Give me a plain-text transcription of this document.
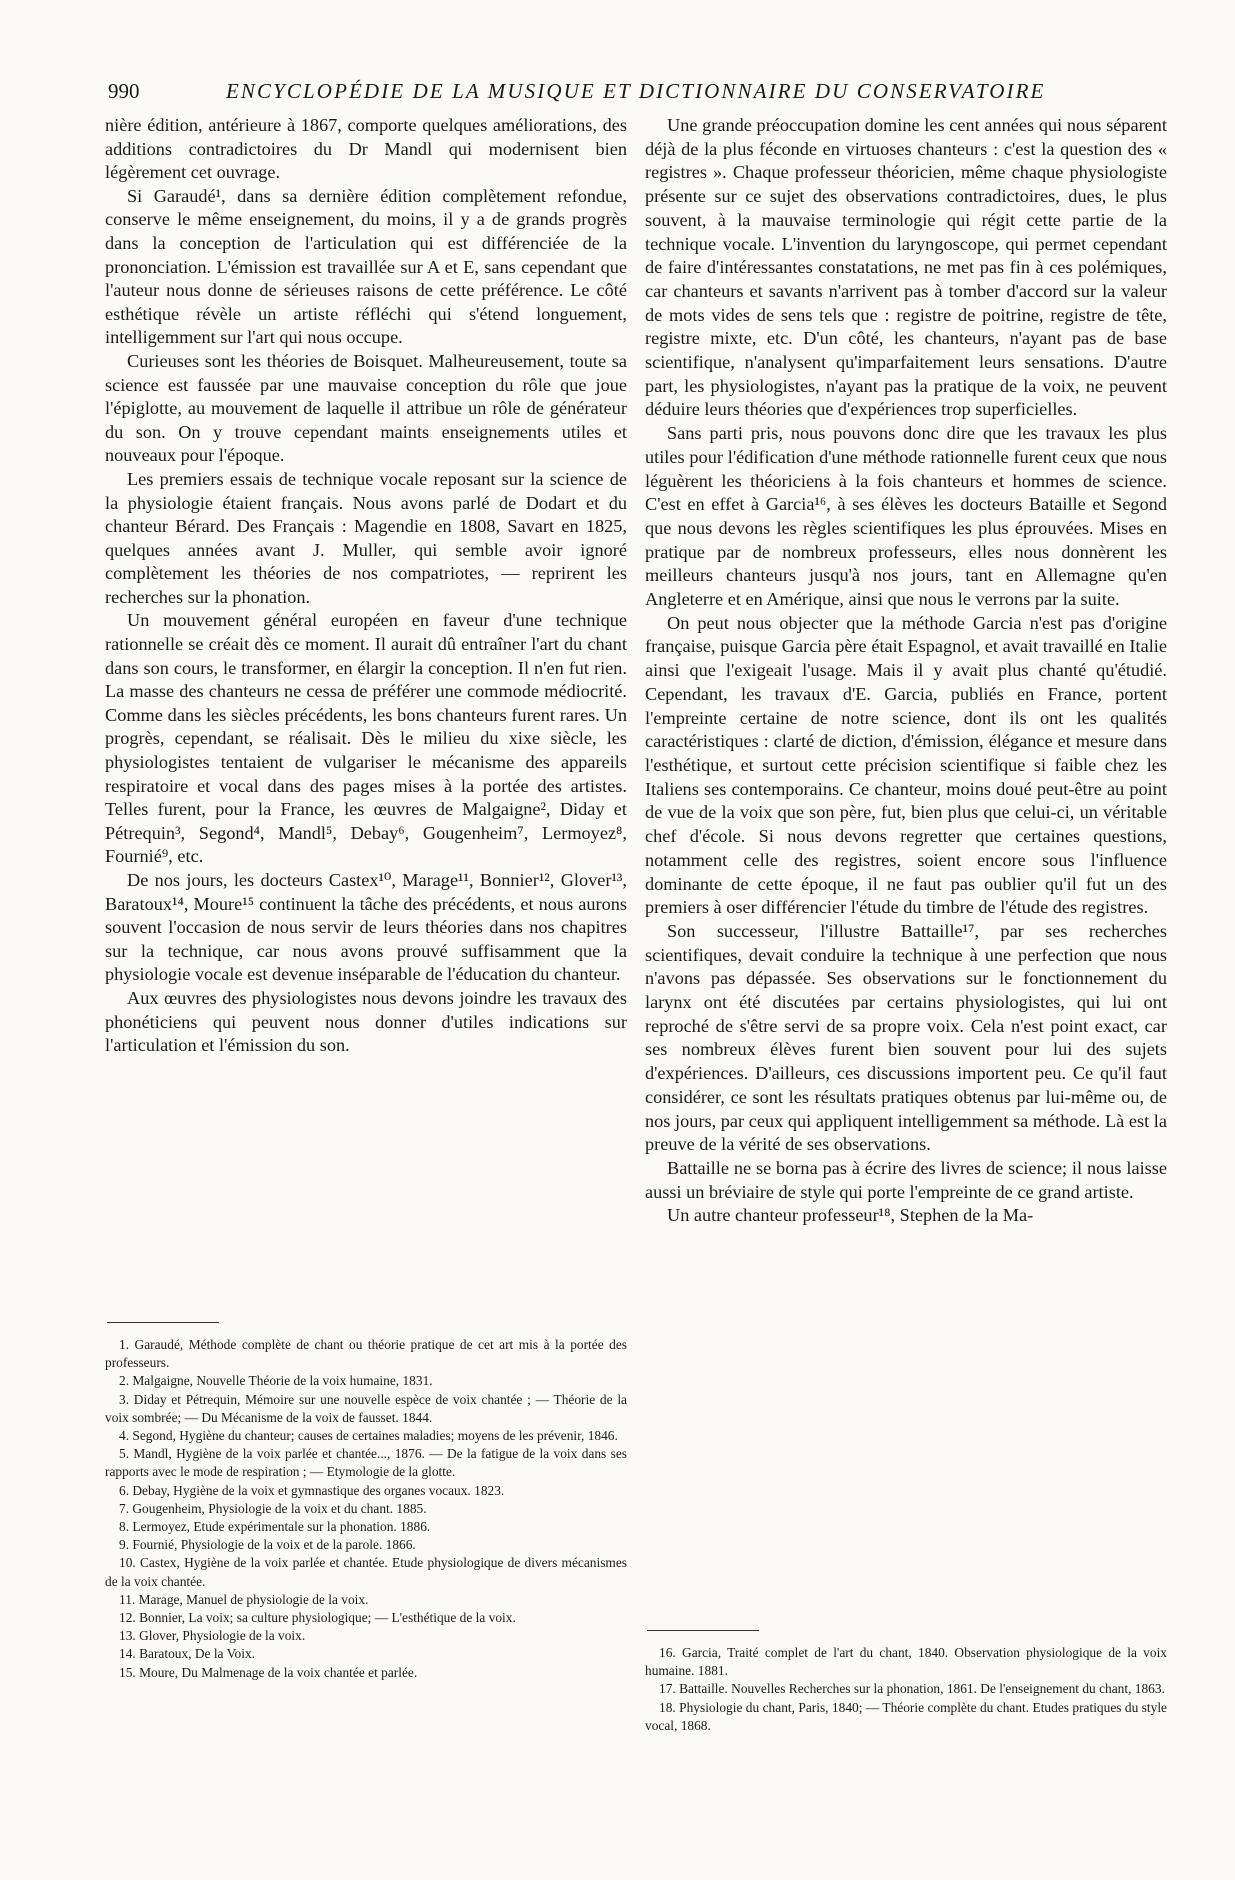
990	ENCYCLOPÉDIE DE LA MUSIQUE ET DICTIONNAIRE DU CONSERVATOIRE

nière édition, antérieure à 1867, comporte quelques améliorations, des additions contradictoires du Dr Mandl qui modernisent bien légèrement cet ouvrage.

Si Garaudé¹, dans sa dernière édition complètement refondue, conserve le même enseignement, du moins, il y a de grands progrès dans la conception de l'articulation qui est différenciée de la prononciation. L'émission est travaillée sur A et E, sans cependant que l'auteur nous donne de sérieuses raisons de cette préférence. Le côté esthétique révèle un artiste réfléchi qui s'étend longuement, intelligemment sur l'art qui nous occupe.

Curieuses sont les théories de Boisquet. Malheureusement, toute sa science est faussée par une mauvaise conception du rôle que joue l'épiglotte, au mouvement de laquelle il attribue un rôle de générateur du son. On y trouve cependant maints enseignements utiles et nouveaux pour l'époque.

Les premiers essais de technique vocale reposant sur la science de la physiologie étaient français. Nous avons parlé de Dodart et du chanteur Bérard. Des Français : Magendie en 1808, Savart en 1825, quelques années avant J. Muller, qui semble avoir ignoré complètement les théories de nos compatriotes, — reprirent les recherches sur la phonation.

Un mouvement général européen en faveur d'une technique rationnelle se créait dès ce moment. Il aurait dû entraîner l'art du chant dans son cours, le transformer, en élargir la conception. Il n'en fut rien. La masse des chanteurs ne cessa de préférer une commode médiocrité. Comme dans les siècles précédents, les bons chanteurs furent rares. Un progrès, cependant, se réalisait. Dès le milieu du xixe siècle, les physiologistes tentaient de vulgariser le mécanisme des appareils respiratoire et vocal dans des pages mises à la portée des artistes. Telles furent, pour la France, les œuvres de Malgaigne², Diday et Pétrequin³, Segond⁴, Mandl⁵, Debay⁶, Gougenheim⁷, Lermoyez⁸, Fournié⁹, etc.

De nos jours, les docteurs Castex¹⁰, Marage¹¹, Bonnier¹², Glover¹³, Baratoux¹⁴, Moure¹⁵ continuent la tâche des précédents, et nous aurons souvent l'occasion de nous servir de leurs théories dans nos chapitres sur la technique, car nous avons prouvé suffisamment que la physiologie vocale est devenue inséparable de l'éducation du chanteur.

Aux œuvres des physiologistes nous devons joindre les travaux des phonéticiens qui peuvent nous donner d'utiles indications sur l'articulation et l'émission du son.

1. Garaudé, Méthode complète de chant ou théorie pratique de cet art mis à la portée des professeurs.

2. Malgaigne, Nouvelle Théorie de la voix humaine, 1831.

3. Diday et Pétrequin, Mémoire sur une nouvelle espèce de voix chantée ; — Théorie de la voix sombrée; — Du Mécanisme de la voix de fausset. 1844.

4. Segond, Hygiène du chanteur; causes de certaines maladies; moyens de les prévenir, 1846.

5. Mandl, Hygiène de la voix parlée et chantée..., 1876. — De la fatigue de la voix dans ses rapports avec le mode de respiration ; — Etymologie de la glotte.

6. Debay, Hygiène de la voix et gymnastique des organes vocaux. 1823.

7. Gougenheim, Physiologie de la voix et du chant. 1885.

8. Lermoyez, Etude expérimentale sur la phonation. 1886.

9. Fournié, Physiologie de la voix et de la parole. 1866.

10. Castex, Hygiène de la voix parlée et chantée. Etude physiologique de divers mécanismes de la voix chantée.

11. Marage, Manuel de physiologie de la voix.

12. Bonnier, La voix; sa culture physiologique; — L'esthétique de la voix.

13. Glover, Physiologie de la voix.

14. Baratoux, De la Voix.

15. Moure, Du Malmenage de la voix chantée et parlée.

Une grande préoccupation domine les cent années qui nous séparent déjà de la plus féconde en virtuoses chanteurs : c'est la question des « registres ». Chaque professeur théoricien, même chaque physiologiste présente sur ce sujet des observations contradictoires, dues, le plus souvent, à la mauvaise terminologie qui régit cette partie de la technique vocale. L'invention du laryngoscope, qui permet cependant de faire d'intéressantes constatations, ne met pas fin à ces polémiques, car chanteurs et savants n'arrivent pas à tomber d'accord sur la valeur de mots vides de sens tels que : registre de poitrine, registre de tête, registre mixte, etc. D'un côté, les chanteurs, n'ayant pas de base scientifique, n'analysent qu'imparfaitement leurs sensations. D'autre part, les physiologistes, n'ayant pas la pratique de la voix, ne peuvent déduire leurs théories que d'expériences trop superficielles.

Sans parti pris, nous pouvons donc dire que les travaux les plus utiles pour l'édification d'une méthode rationnelle furent ceux que nous léguèrent les théoriciens à la fois chanteurs et hommes de science. C'est en effet à Garcia¹⁶, à ses élèves les docteurs Bataille et Segond que nous devons les règles scientifiques les plus éprouvées. Mises en pratique par de nombreux professeurs, elles nous donnèrent les meilleurs chanteurs jusqu'à nos jours, tant en Allemagne qu'en Angleterre et en Amérique, ainsi que nous le verrons par la suite.

On peut nous objecter que la méthode Garcia n'est pas d'origine française, puisque Garcia père était Espagnol, et avait travaillé en Italie ainsi que l'exigeait l'usage. Mais il y avait plus chanté qu'étudié. Cependant, les travaux d'E. Garcia, publiés en France, portent l'empreinte certaine de notre science, dont ils ont les qualités caractéristiques : clarté de diction, d'émission, élégance et mesure dans l'esthétique, et surtout cette précision scientifique si faible chez les Italiens ses contemporains. Ce chanteur, moins doué peut-être au point de vue de la voix que son père, fut, bien plus que celui-ci, un véritable chef d'école. Si nous devons regretter que certaines questions, notamment celle des registres, soient encore sous l'influence dominante de cette époque, il ne faut pas oublier qu'il fut un des premiers à oser différencier l'étude du timbre de l'étude des registres.

Son successeur, l'illustre Battaille¹⁷, par ses recherches scientifiques, devait conduire la technique à une perfection que nous n'avons pas dépassée. Ses observations sur le fonctionnement du larynx ont été discutées par certains physiologistes, qui lui ont reproché de s'être servi de sa propre voix. Cela n'est point exact, car ses nombreux élèves furent bien souvent pour lui des sujets d'expériences. D'ailleurs, ces discussions importent peu. Ce qu'il faut considérer, ce sont les résultats pratiques obtenus par lui-même ou, de nos jours, par ceux qui appliquent intelligemment sa méthode. Là est la preuve de la vérité de ses observations.

Battaille ne se borna pas à écrire des livres de science; il nous laisse aussi un bréviaire de style qui porte l'empreinte de ce grand artiste.

Un autre chanteur professeur¹⁸, Stephen de la Ma-

16. Garcia, Traité complet de l'art du chant, 1840. Observation physiologique de la voix humaine. 1881.

17. Battaille. Nouvelles Recherches sur la phonation, 1861. De l'enseignement du chant, 1863.

18. Physiologie du chant, Paris, 1840; — Théorie complète du chant. Etudes pratiques du style vocal, 1868.
